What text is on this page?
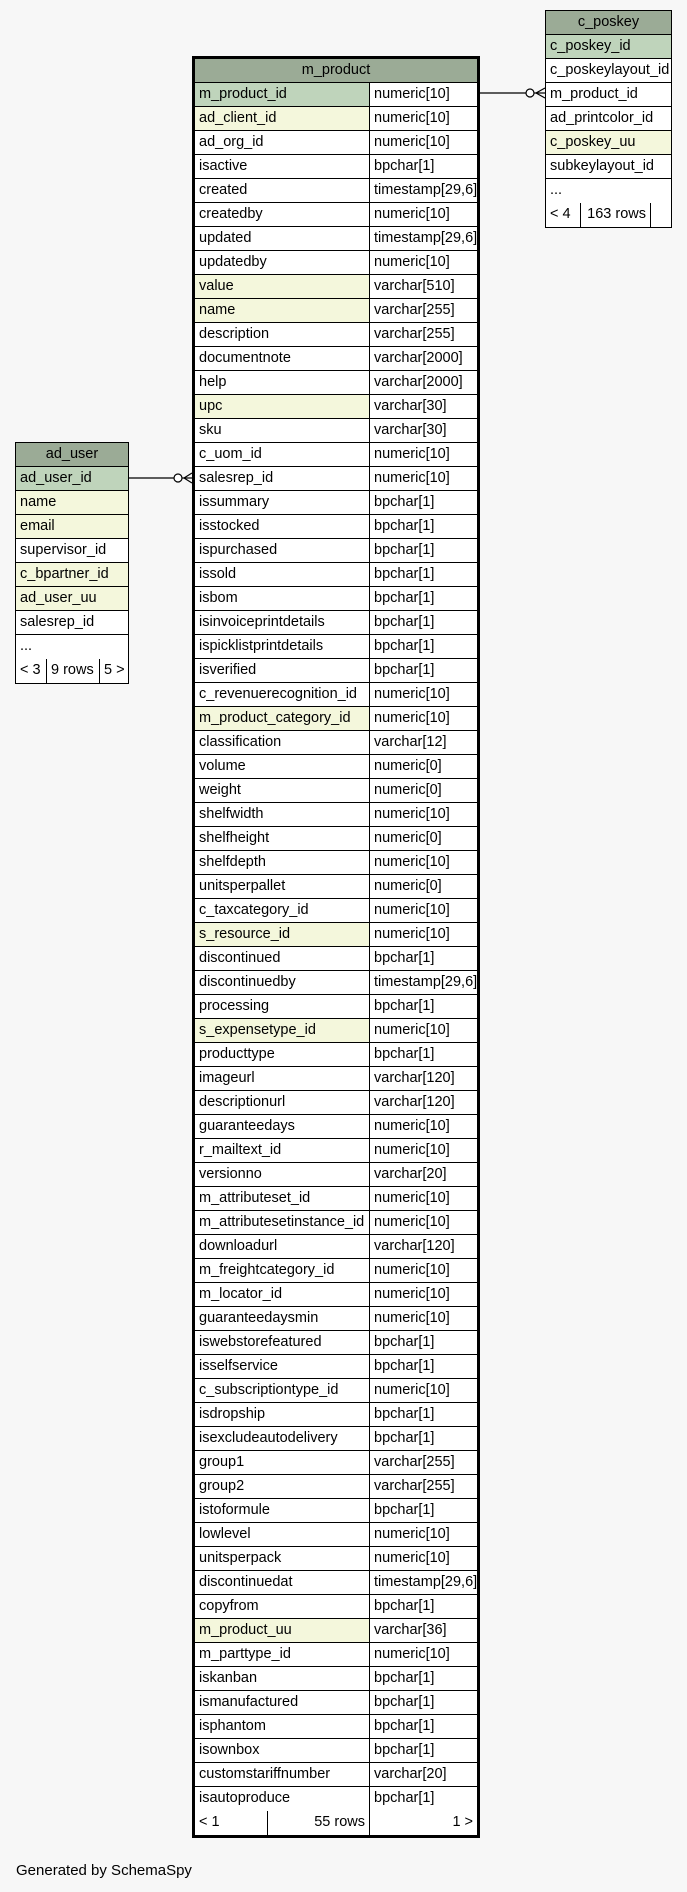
m_product
m_product_id	numeric[10]
ad_client_id	numeric[10]
ad_org_id	numeric[10]
isactive	bpchar[1]
created	timestamp[29,6]
createdby	numeric[10]
updated	timestamp[29,6]
updatedby	numeric[10]
value	varchar[510]
name	varchar[255]
description	varchar[255]
documentnote	varchar[2000]
help	varchar[2000]
upc	varchar[30]
sku	varchar[30]
c_uom_id	numeric[10]
salesrep_id	numeric[10]
issummary	bpchar[1]
isstocked	bpchar[1]
ispurchased	bpchar[1]
issold	bpchar[1]
isbom	bpchar[1]
isinvoiceprintdetails	bpchar[1]
ispicklistprintdetails	bpchar[1]
isverified	bpchar[1]
c_revenuerecognition_id	numeric[10]
m_product_category_id	numeric[10]
classification	varchar[12]
volume	numeric[0]
weight	numeric[0]
shelfwidth	numeric[10]
shelfheight	numeric[0]
shelfdepth	numeric[10]
unitsperpallet	numeric[0]
c_taxcategory_id	numeric[10]
s_resource_id	numeric[10]
discontinued	bpchar[1]
discontinuedby	timestamp[29,6]
processing	bpchar[1]
s_expensetype_id	numeric[10]
producttype	bpchar[1]
imageurl	varchar[120]
descriptionurl	varchar[120]
guaranteedays	numeric[10]
r_mailtext_id	numeric[10]
versionno	varchar[20]
m_attributeset_id	numeric[10]
m_attributesetinstance_id numeric[10]
downloadurl	varchar[120]
m_freightcategory_id	numeric[10]
m_locator_id	numeric[10]
guaranteedaysmin	numeric[10]
iswebstorefeatured	bpchar[1]
isselfservice	bpchar[1]
c_subscriptiontype_id	numeric[10]
isdropship	bpchar[1]
isexcludeautodelivery	bpchar[1]
group1	varchar[255]
group2	varchar[255]
istoformule	bpchar[1]
lowlevel	numeric[10]
unitsperpack	numeric[10]
discontinuedat	timestamp[29,6]
copyfrom	bpchar[1]
m_product_uu	varchar[36]
m_parttype_id	numeric[10]
iskanban	bpchar[1]
ismanufactured	bpchar[1]
isphantom	bpchar[1]
isownbox	bpchar[1]
customstariffnumber	varchar[20]
isautoproduce	bpchar[1]
< 1	55 rows	1 >
ad_user
ad_user_id
name
email
supervisor_id
c_bpartner_id
ad_user_uu
salesrep_id
...
< 3 9 rows 5 >
c_poskey
c_poskey_id
c_poskeylayout_id
m_product_id
ad_printcolor_id
c_poskey_uu
subkeylayout_id
...
< 4	163 rows
Generated by SchemaSpy
